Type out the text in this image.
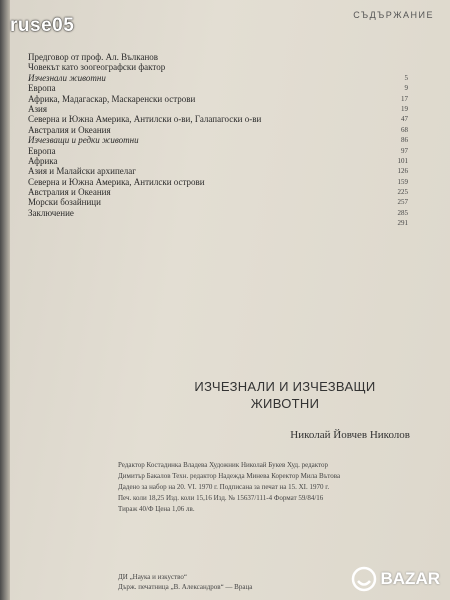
ruse05	СЪДЪРЖАНИЕ
Предговор от проф. Ал. Вълканов
Човекът като зоогеографски фактор
Изчезнали животни	5
Европа	9
Африка, Мадагаскар, Маскаренски острови	17
Азия	19
Северна и Южна Америка, Антилски о-ви, Галапагоски о-ви	47
Австралия и Океания	68
Изчезващи и редки животни	86
Европа	97
Африка	101
Азия и Малайски архипелаг	126
Северна и Южна Америка, Антилски острови	159
Австралия и Океания	225
Морски бозайници	257
Заключение	285
291
ИЗЧЕЗНАЛИ И ИЗЧЕЗВАЩИ
ЖИВОТНИ
Николай Йовчев Николов
Редактор Костадинка Владева Художник Николай Букев Худ. редактор
Димитър Бакалов Техн. редактор Надежда Минева Коректор Мила Вътова
Дадено за набор на 20. VI. 1970 г. Подписана за печат на 15. XI. 1970 г.
Печ. коли 18,25 Изд. коли 15,16 Изд. № 15637/111-4 Формат 59/84/16
Тираж 40/Ф Цена 1,06 лв.
ДИ „Наука и изкуство“
Държ. печатница „В. Александров“ — Враца	BAZAR
